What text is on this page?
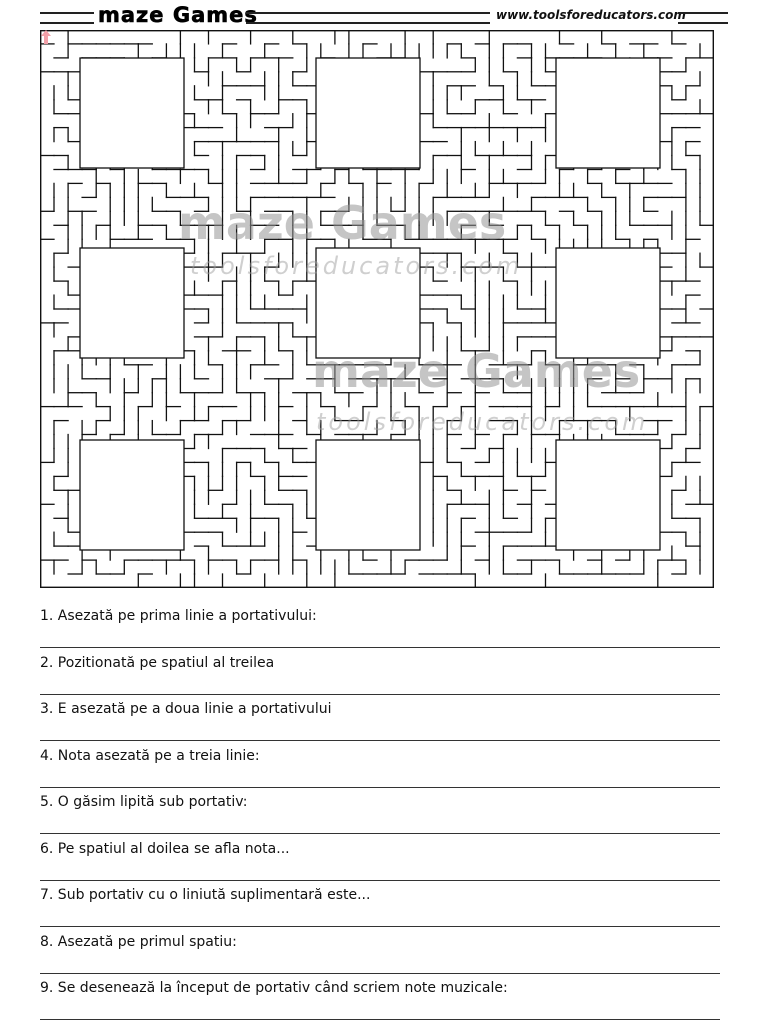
maze Games	www.toolsforeducators.com
maze Games
toolsforeducators.com
maze Games
toolsforeducators.com
1. Asezată pe prima linie a portativului:
2. Pozitionată pe spatiul al treilea
3. E asezată pe a doua linie a portativului
4. Nota asezată pe a treia linie:
5. O găsim lipită sub portativ:
6. Pe spatiul al doilea se afla nota...
7. Sub portativ cu o liniută suplimentară este...
8. Asezată pe primul spatiu:
9. Se desenează la început de portativ când scriem note muzicale:
